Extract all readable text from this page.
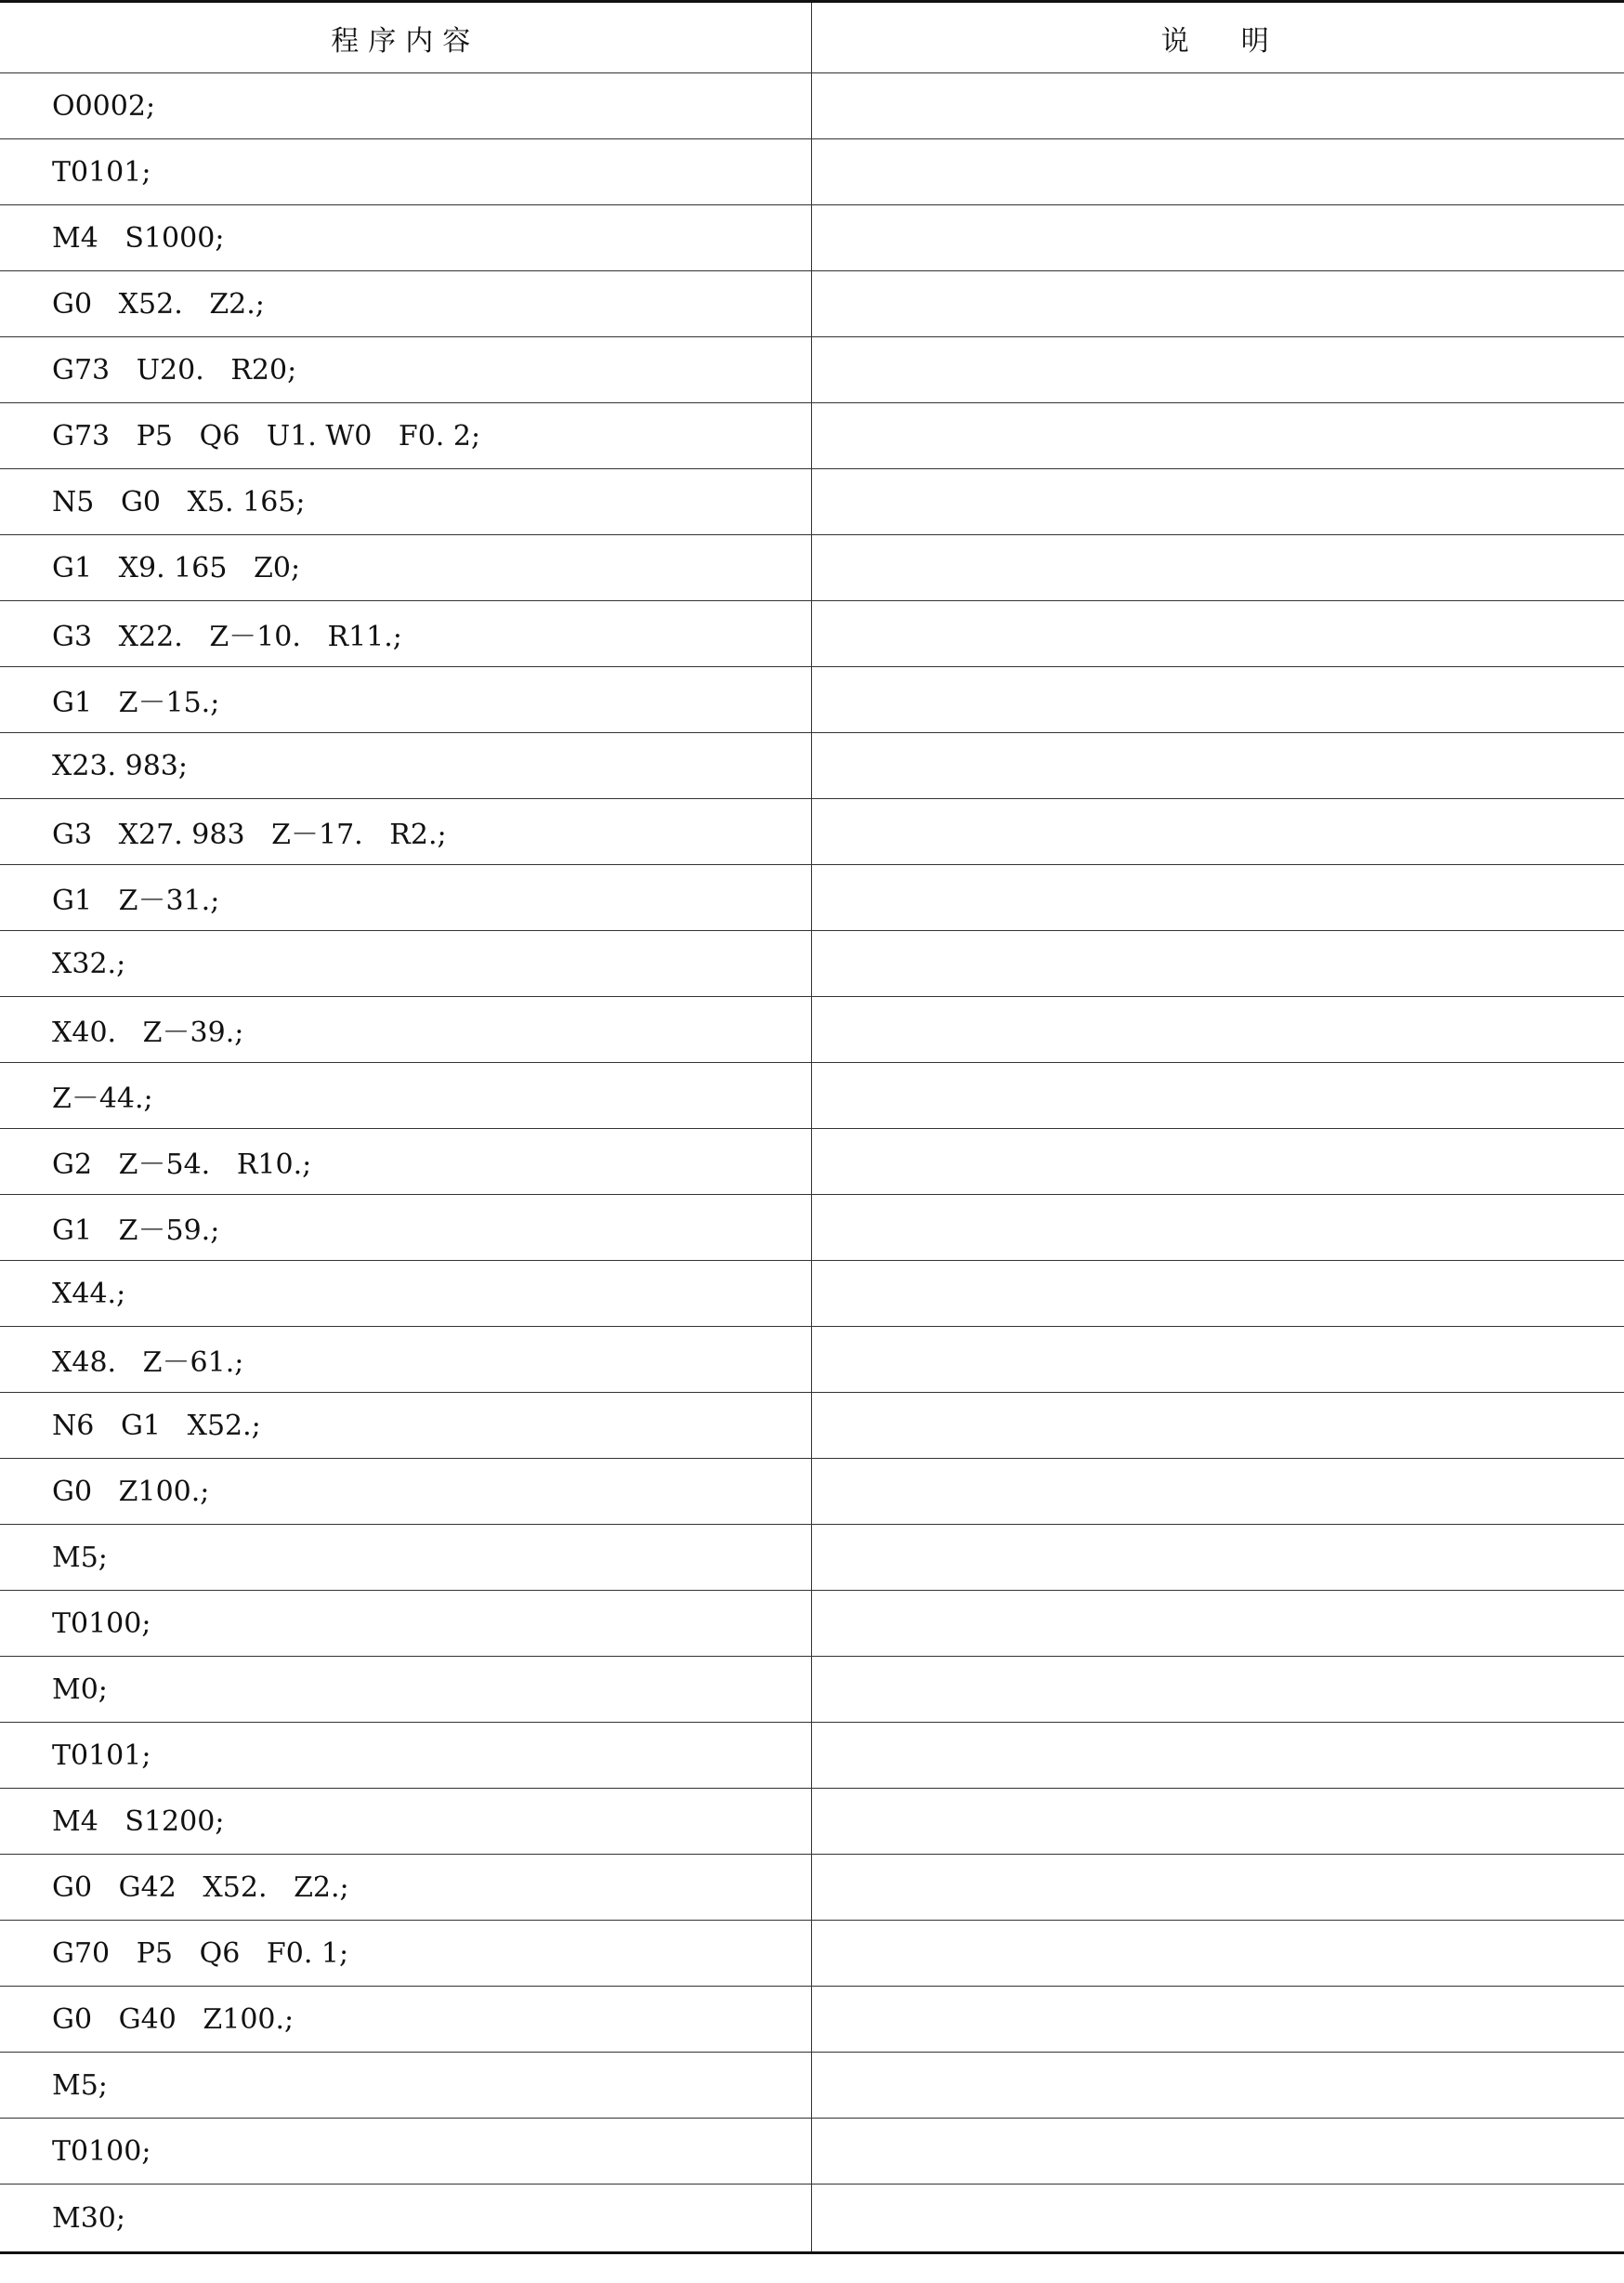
程序内容	说明
O0002;	
T0101;	
M4   S1000;	
G0   X52.   Z2.;	
G73   U20.   R20;	
G73   P5   Q6   U1. W0   F0. 2;	
N5   G0   X5. 165;	
G1   X9. 165   Z0;	
G3   X22.   Z－10.   R11.;	
G1   Z－15.;	
X23. 983;	
G3   X27. 983   Z－17.   R2.;	
G1   Z－31.;	
X32.;	
X40.   Z－39.;	
Z－44.;	
G2   Z－54.   R10.;	
G1   Z－59.;	
X44.;	
X48.   Z－61.;	
N6   G1   X52.;	
G0   Z100.;	
M5;	
T0100;	
M0;	
T0101;	
M4   S1200;	
G0   G42   X52.   Z2.;	
G70   P5   Q6   F0. 1;	
G0   G40   Z100.;	
M5;	
T0100;	
M30;	
